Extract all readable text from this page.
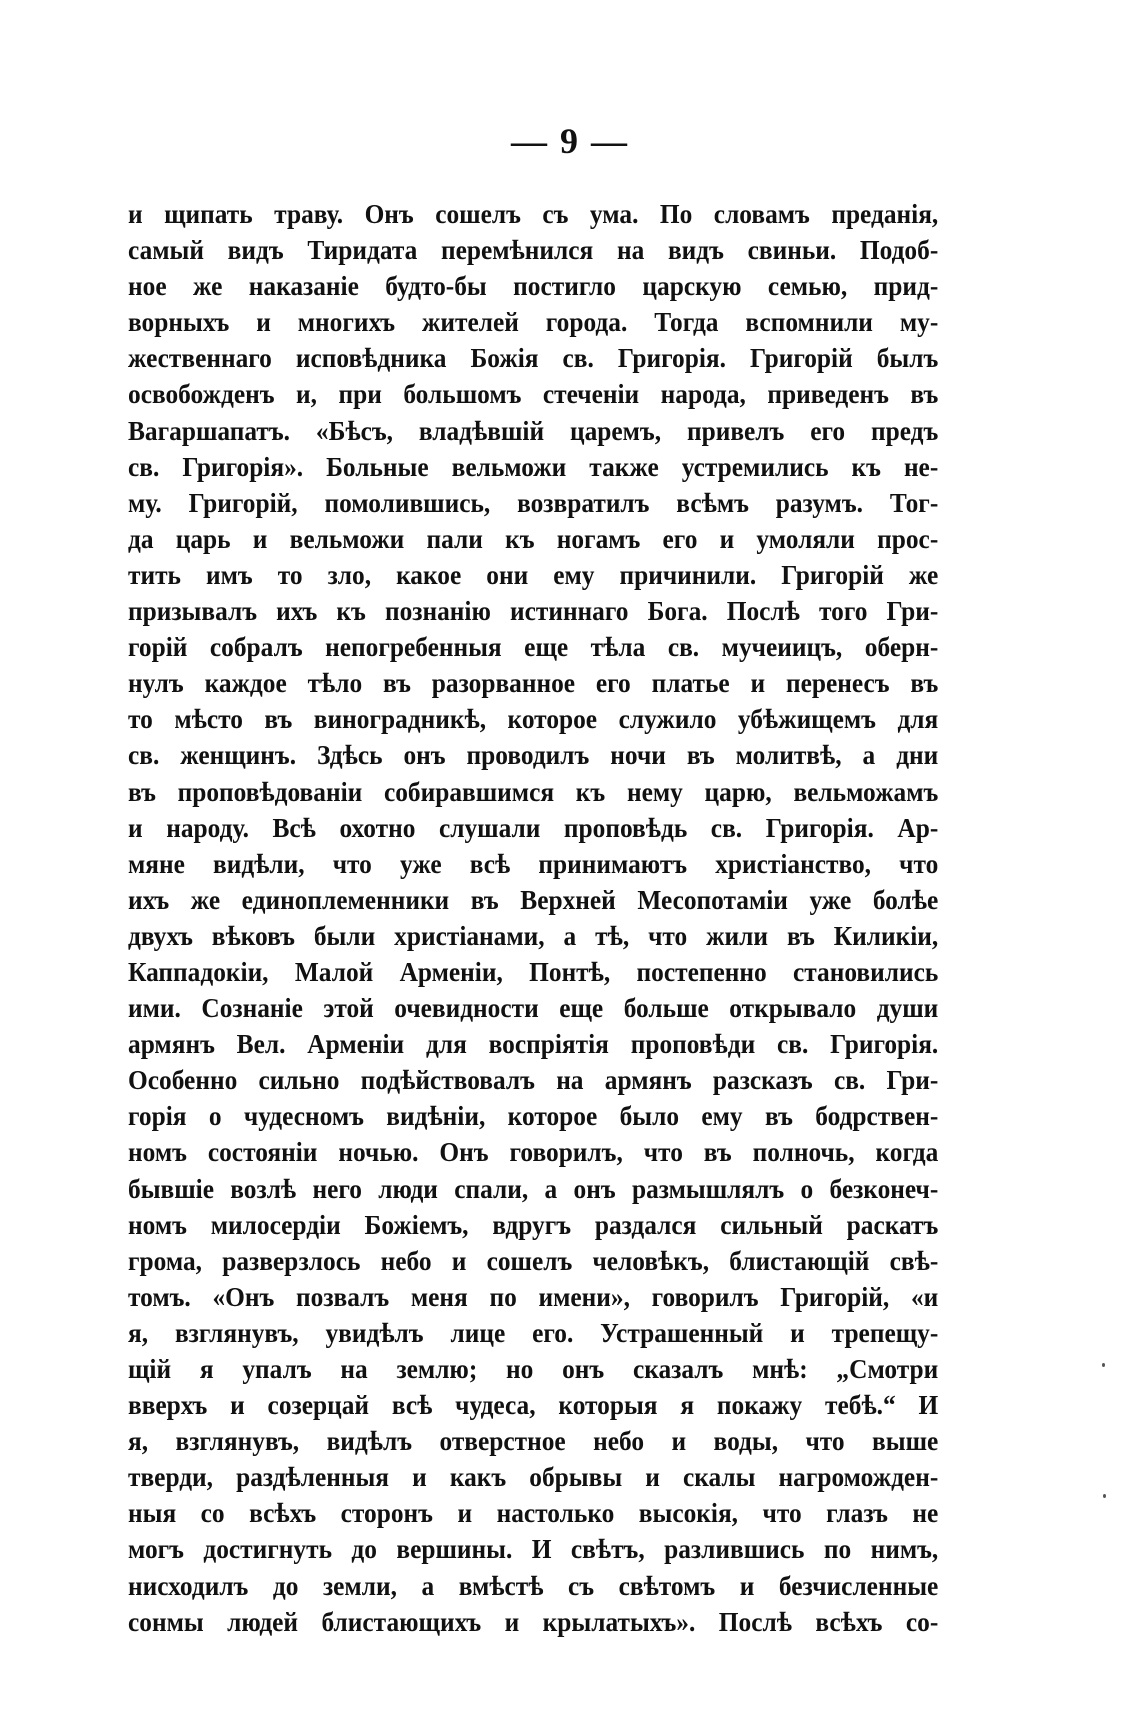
— 9 —
и щипать траву. Онъ сошелъ съ ума. По словамъ преданія,
самый видъ Тиридата перемѣнился на видъ свиньи. Подоб-
ное же наказаніе будто-бы постигло царскую семью, прид-
ворныхъ и многихъ жителей города. Тогда вспомнили му-
жественнаго исповѣдника Божія св. Григорія. Григорій былъ
освобожденъ и, при большомъ стеченіи народа, приведенъ въ
Вагаршапатъ. «Бѣсъ, владѣвшій царемъ, привелъ его предъ
св. Григорія». Больные вельможи также устремились къ не-
му. Григорій, помолившись, возвратилъ всѣмъ разумъ. Тог-
да царь и вельможи пали къ ногамъ его и умоляли прос-
тить имъ то зло, какое они ему причинили. Григорій же
призывалъ ихъ къ познанію истиннаго Бога. Послѣ того Гри-
горій собралъ непогребенныя еще тѣла св. мучеиицъ, оберн-
нулъ каждое тѣло въ разорванное его платье и перенесъ въ
то мѣсто въ виноградникѣ, которое служило убѣжищемъ для
св. женщинъ. Здѣсь онъ проводилъ ночи въ молитвѣ, а дни
въ проповѣдованіи собиравшимся къ нему царю, вельможамъ
и народу. Всѣ охотно слушали проповѣдь св. Григорія. Ар-
мяне видѣли, что уже всѣ принимаютъ христіанство, что
ихъ же единоплеменники въ Верхней Месопотаміи уже болѣе
двухъ вѣковъ были христіанами, а тѣ, что жили въ Киликіи,
Каппадокіи, Малой Арменіи, Понтѣ, постепенно становились
ими. Сознаніе этой очевидности еще больше открывало души
армянъ Вел. Арменіи для воспріятія проповѣди св. Григорія.
Особенно сильно подѣйствовалъ на армянъ разсказъ св. Гри-
горія о чудесномъ видѣніи, которое было ему въ бодрствен-
номъ состояніи ночью. Онъ говорилъ, что въ полночь, когда
бывшіе возлѣ него люди спали, а онъ размышлялъ о безконеч-
номъ милосердіи Божіемъ, вдругъ раздался сильный раскатъ
грома, разверзлось небо и сошелъ человѣкъ, блистающій свѣ-
томъ. «Онъ позвалъ меня по имени», говорилъ Григорій, «и
я, взглянувъ, увидѣлъ лице его. Устрашенный и трепещу-
щій я упалъ на землю; но онъ сказалъ мнѣ: „Смотри
вверхъ и созерцай всѣ чудеса, которыя я покажу тебѣ.“ И
я, взглянувъ, видѣлъ отверстное небо и воды, что выше
тверди, раздѣленныя и какъ обрывы и скалы нагроможден-
ныя со всѣхъ сторонъ и настолько высокія, что глазъ не
могъ достигнуть до вершины. И свѣтъ, разлившись по нимъ,
нисходилъ до земли, а вмѣстѣ съ свѣтомъ и безчисленные
сонмы людей блистающихъ и крылатыхъ». Послѣ всѣхъ со-
